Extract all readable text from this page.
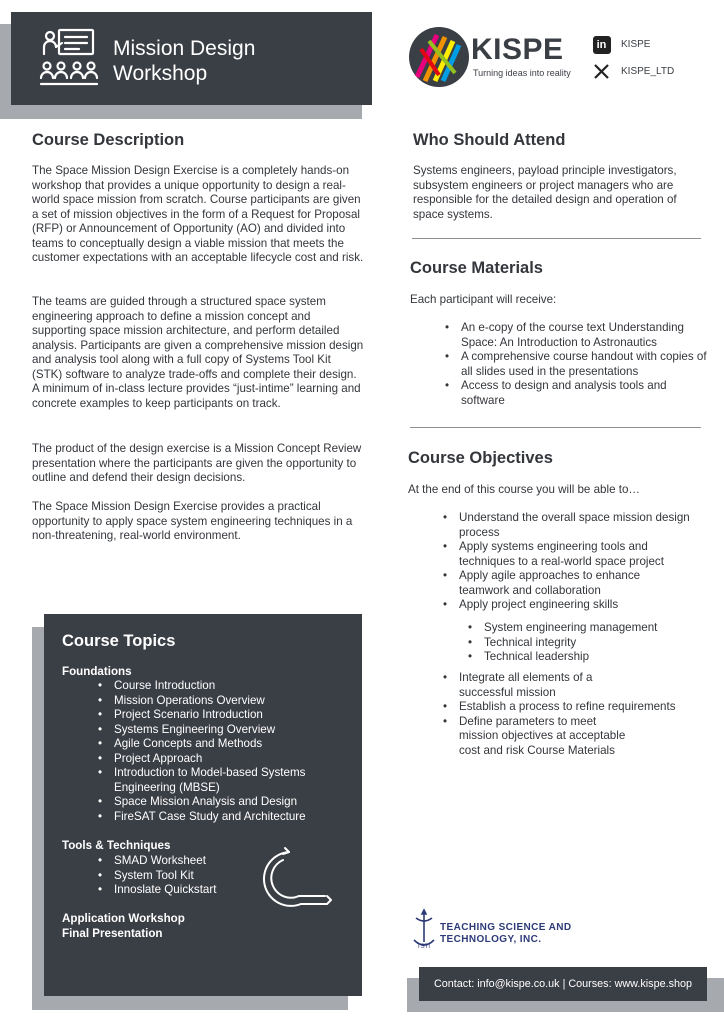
Mission Design
Workshop
KISPE
Turning ideas into reality
in	KISPE
KISPE_LTD
Course Description
The Space Mission Design Exercise is a completely hands-on workshop that provides a unique opportunity to design a real-world space mission from scratch. Course participants are given a set of mission objectives in the form of a Request for Proposal (RFP) or Announcement of Opportunity (AO) and divided into teams to conceptually design a viable mission that meets the customer expectations with an acceptable lifecycle cost and risk.
The teams are guided through a structured space system engineering approach to define a mission concept and supporting space mission architecture, and perform detailed analysis. Participants are given a comprehensive mission design and analysis tool along with a full copy of Systems Tool Kit (STK) software to analyze trade-offs and complete their design. A minimum of in-class lecture provides “just-intime” learning and concrete examples to keep participants on track.
The product of the design exercise is a Mission Concept Review presentation where the participants are given the opportunity to outline and defend their design decisions.
The Space Mission Design Exercise provides a practical opportunity to apply space system engineering techniques in a non-threatening, real-world environment.
Who Should Attend
Systems engineers, payload principle investigators, subsystem engineers or project managers who are responsible for the detailed design and operation of space systems.
Course Materials
Each participant will receive:
• An e-copy of the course text Understanding Space: An Introduction to Astronautics
• A comprehensive course handout with copies of all slides used in the presentations
• Access to design and analysis tools and software
Course Objectives
At the end of this course you will be able to…
• Understand the overall space mission design process
• Apply systems engineering tools and techniques to a real-world space project
• Apply agile approaches to enhance teamwork and collaboration
• Apply project engineering skills
• System engineering management
• Technical integrity
• Technical leadership
• Integrate all elements of a successful mission
• Establish a process to refine requirements
• Define parameters to meet mission objectives at acceptable cost and risk Course Materials
Course Topics
Foundations
• Course Introduction
• Mission Operations Overview
• Project Scenario Introduction
• Systems Engineering Overview
• Agile Concepts and Methods
• Project Approach
• Introduction to Model-based Systems Engineering (MBSE)
• Space Mission Analysis and Design
• FireSAT Case Study and Architecture
Tools & Techniques
• SMAD Worksheet
• System Tool Kit
• Innoslate Quickstart
Application Workshop
Final Presentation
TSTI
TEACHING SCIENCE AND
TECHNOLOGY, INC.
Contact: info@kispe.co.uk | Courses: www.kispe.shop
